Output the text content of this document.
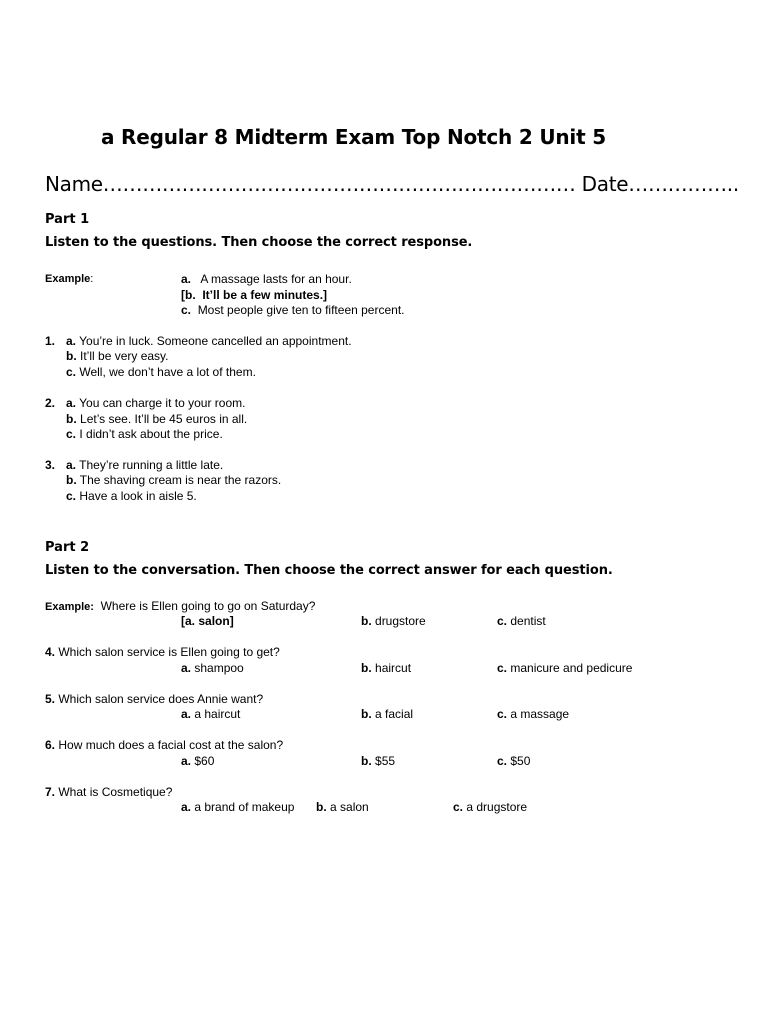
a Regular 8 Midterm Exam Top Notch 2 Unit 5
Name……………………………………………………………… Date……………..
Part 1
Listen to the questions. Then choose the correct response.
Example:	a. A massage lasts for an hour.
[b. It’ll be a few minutes.]
c. Most people give ten to fifteen percent.
1. a. You’re in luck. Someone cancelled an appointment.
b. It’ll be very easy.
c. Well, we don’t have a lot of them.
2. a. You can charge it to your room.
b. Let’s see. It’ll be 45 euros in all.
c. I didn’t ask about the price.
3. a. They’re running a little late.
b. The shaving cream is near the razors.
c. Have a look in aisle 5.
Part 2
Listen to the conversation. Then choose the correct answer for each question.
Example: Where is Ellen going to go on Saturday?
[a. salon]	b. drugstore	c. dentist
4. Which salon service is Ellen going to get?
a. shampoo	b. haircut	c. manicure and pedicure
5. Which salon service does Annie want?
a. a haircut	b. a facial	c. a massage
6. How much does a facial cost at the salon?
a. $60	b. $55	c. $50
7. What is Cosmetique?
a. a brand of makeup b. a salon	c. a drugstore
